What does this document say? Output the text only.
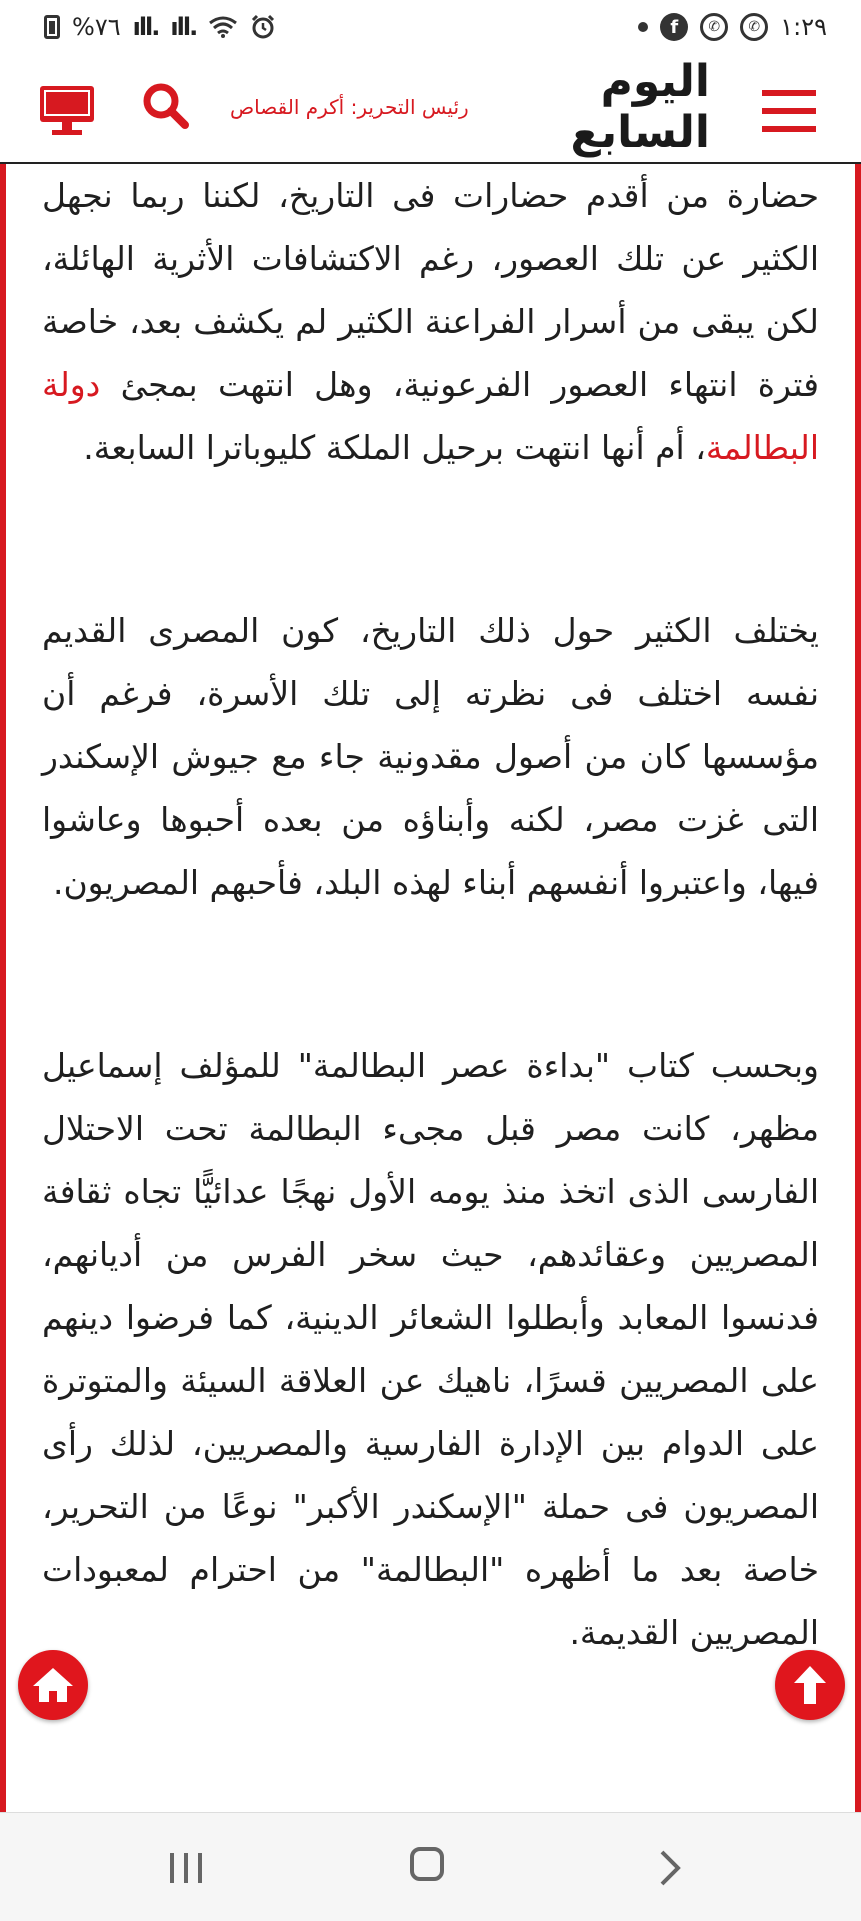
%٧٦ ıll. ıll.	f	✆	✆ ١:٢٩
اليوم السابع
رئيس التحرير: أكرم القصاص

حضارة من أقدم حضارات فى التاريخ، لكننا ربما نجهل الكثير عن تلك العصور، رغم الاكتشافات الأثرية الهائلة، لكن يبقى من أسرار الفراعنة الكثير لم يكشف بعد، خاصة فترة انتهاء العصور الفرعونية، وهل انتهت بمجئ دولة البطالمة، أم أنها انتهت برحيل الملكة كليوباترا السابعة.

يختلف الكثير حول ذلك التاريخ، كون المصرى القديم نفسه اختلف فى نظرته إلى تلك الأسرة، فرغم أن مؤسسها كان من أصول مقدونية جاء مع جيوش الإسكندر التى غزت مصر، لكنه وأبناؤه من بعده أحبوها وعاشوا فيها، واعتبروا أنفسهم أبناء لهذه البلد، فأحبهم المصريون.

وبحسب كتاب "بداءة عصر البطالمة" للمؤلف إسماعيل مظهر، كانت مصر قبل مجىء البطالمة تحت الاحتلال الفارسى الذى اتخذ منذ يومه الأول نهجًا عدائيًّا تجاه ثقافة المصريين وعقائدهم، حيث سخر الفرس من أديانهم، فدنسوا المعابد وأبطلوا الشعائر الدينية، كما فرضوا دينهم على المصريين قسرًا، ناهيك عن العلاقة السيئة والمتوترة على الدوام بين الإدارة الفارسية والمصريين، لذلك رأى المصريون فى حملة "الإسكندر الأكبر" نوعًا من التحرير، خاصة بعد ما أظهره "البطالمة" من احترام لمعبودات المصريين القديمة.
